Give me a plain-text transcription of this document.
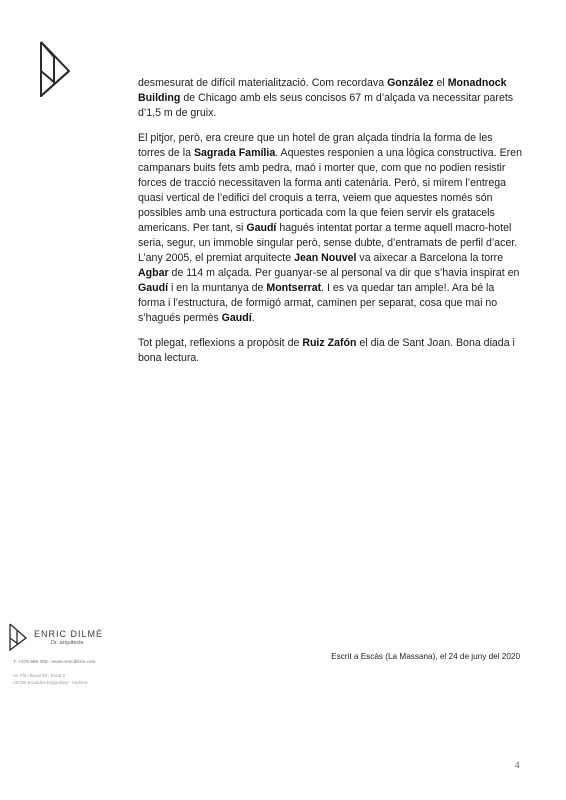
desmesurat de difícil materialització. Com recordava González el Monadnock Building de Chicago amb els seus concisos 67 m d’alçada va necessitar parets d’1,5 m de gruix.

El pitjor, però, era creure que un hotel de gran alçada tindria la forma de les torres de la Sagrada Família. Aquestes responien a una lògica constructiva. Eren campanars buits fets amb pedra, maó i morter que, com que no podien resistir forces de tracció necessitaven la forma anti catenària. Però, si mirem l’entrega quasi vertical de l’edifici del croquis a terra, veiem que aquestes només són possibles amb una estructura porticada com la que feien servir els gratacels americans. Per tant, si Gaudí hagués intentat portar a terme aquell macro-hotel seria, segur, un immoble singular però, sense dubte, d’entramats de perfil d’acer. L’any 2005, el premiat arquitecte Jean Nouvel va aixecar a Barcelona la torre Agbar de 114 m alçada. Per guanyar-se al personal va dir que s’havia inspirat en Gaudí i en la muntanya de Montserrat. I es va quedar tan ample!. Ara bé la forma i l’estructura, de formigó armat, caminen per separat, cosa que mai no s’hagués permès Gaudí.

Tot plegat, reflexions a propòsit de Ruiz Zafón el dia de Sant Joan. Bona diada i bona lectura.

ENRIC DILMÉ
Dr. arquitecte
T. +376 869 358 - www.enricdilme.com
Av. Pla i Busal 89 , Escal 2
AD700 Escaldes-Engordany - Andorra
Escrit a Escàs (La Massana), el 24 de juny del 2020
4
